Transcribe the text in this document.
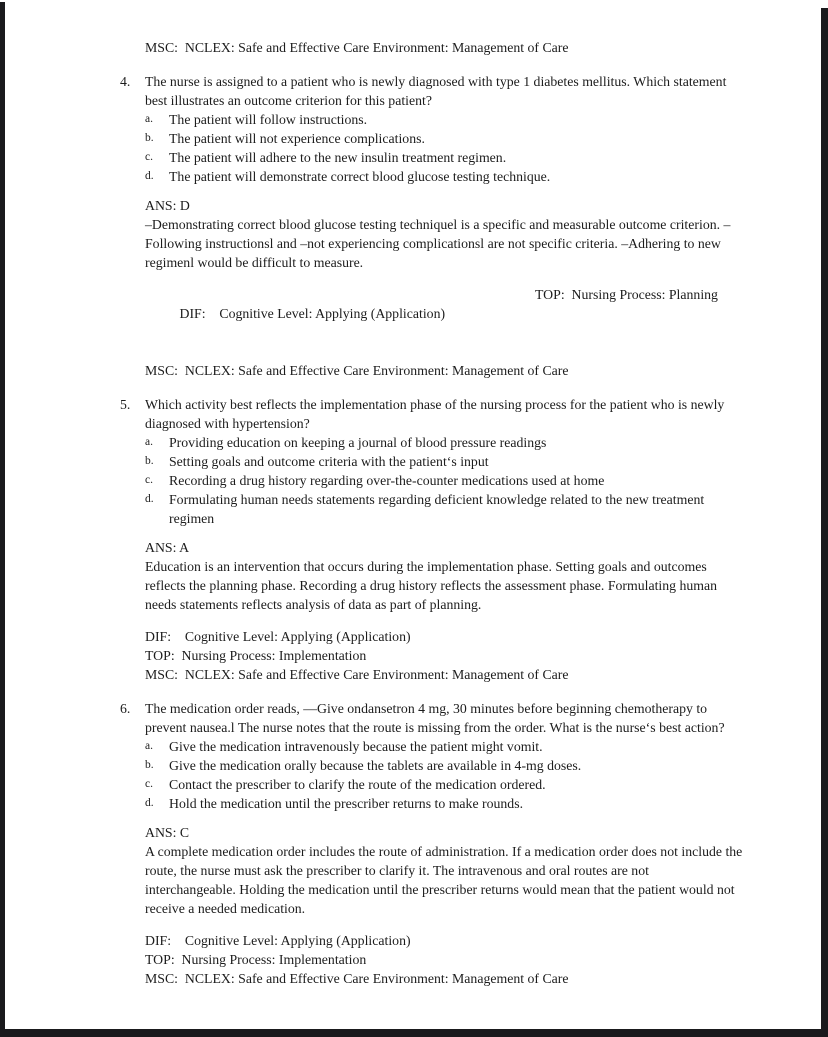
MSC:  NCLEX: Safe and Effective Care Environment: Management of Care
4.	The nurse is assigned to a patient who is newly diagnosed with type 1 diabetes mellitus. Which statement best illustrates an outcome criterion for this patient?
a.	The patient will follow instructions.
b.	The patient will not experience complications.
c.	The patient will adhere to the new insulin treatment regimen.
d.	The patient will demonstrate correct blood glucose testing technique.
ANS: D
–Demonstrating correct blood glucose testing techniquel is a specific and measurable outcome criterion. –Following instructionsl and –not experiencing complicationsl are not specific criteria. –Adhering to new regimenl would be difficult to measure.

DIF:    Cognitive Level: Applying (Application)

TOP:  Nursing Process: Planning

MSC:  NCLEX: Safe and Effective Care Environment: Management of Care
5.	Which activity best reflects the implementation phase of the nursing process for the patient who is newly diagnosed with hypertension?
a.	Providing education on keeping a journal of blood pressure readings
b.	Setting goals and outcome criteria with the patient‘s input
c.	Recording a drug history regarding over-the-counter medications used at home
d.	Formulating human needs statements regarding deficient knowledge related to the new treatment regimen
ANS: A
Education is an intervention that occurs during the implementation phase. Setting goals and outcomes reflects the planning phase. Recording a drug history reflects the assessment phase. Formulating human needs statements reflects analysis of data as part of planning.
DIF:    Cognitive Level: Applying (Application)
TOP:  Nursing Process: Implementation
MSC:  NCLEX: Safe and Effective Care Environment: Management of Care
6.	The medication order reads, —Give ondansetron 4 mg, 30 minutes before beginning chemotherapy to prevent nausea.l The nurse notes that the route is missing from the order. What is the nurse‘s best action?
a.	Give the medication intravenously because the patient might vomit.
b.	Give the medication orally because the tablets are available in 4-mg doses.
c.	Contact the prescriber to clarify the route of the medication ordered.
d.	Hold the medication until the prescriber returns to make rounds.
ANS: C
A complete medication order includes the route of administration. If a medication order does not include the route, the nurse must ask the prescriber to clarify it. The intravenous and oral routes are not interchangeable. Holding the medication until the prescriber returns would mean that the patient would not receive a needed medication.
DIF:    Cognitive Level: Applying (Application)
TOP:  Nursing Process: Implementation
MSC:  NCLEX: Safe and Effective Care Environment: Management of Care
